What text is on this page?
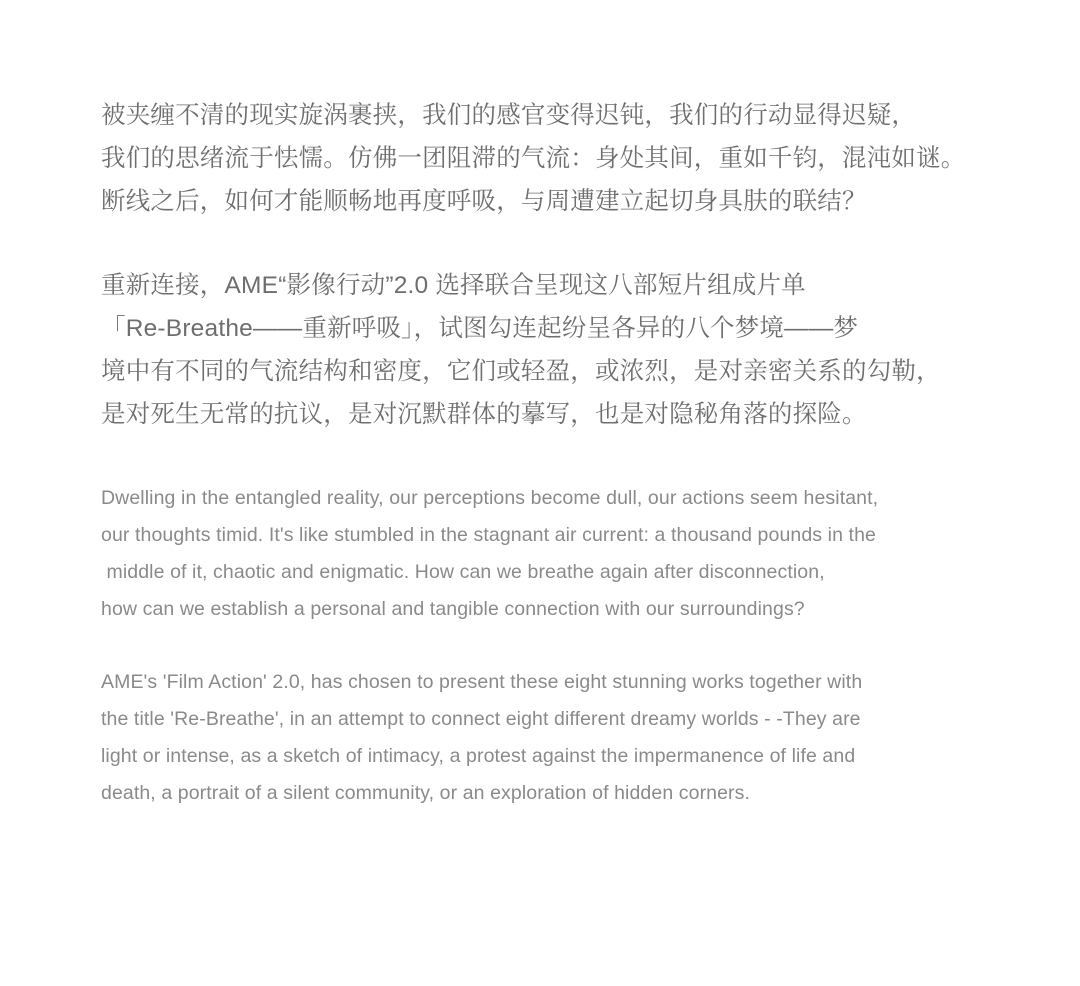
被夹缠不清的现实旋涡裹挟，我们的感官变得迟钝，我们的行动显得迟疑，
我们的思绪流于怯懦。仿佛一团阻滞的气流：身处其间，重如千钧，混沌如谜。
断线之后，如何才能顺畅地再度呼吸，与周遭建立起切身具肤的联结？
重新连接，AME“影像行动”2.0 选择联合呈现这八部短片组成片单
「Re-Breathe——重新呼吸」，试图勾连起纷呈各异的八个梦境——梦
境中有不同的气流结构和密度，它们或轻盈，或浓烈，是对亲密关系的勾勒，
是对死生无常的抗议，是对沉默群体的摹写，也是对隐秘角落的探险。
Dwelling in the entangled reality, our perceptions become dull, our actions seem hesitant,
our thoughts timid. It's like stumbled in the stagnant air current: a thousand pounds in the
middle of it, chaotic and enigmatic. How can we breathe again after disconnection,
how can we establish a personal and tangible connection with our surroundings?
AME's 'Film Action' 2.0, has chosen to present these eight stunning works together with
the title 'Re-Breathe', in an attempt to connect eight different dreamy worlds - -They are
light or intense, as a sketch of intimacy, a protest against the impermanence of life and
death, a portrait of a silent community, or an exploration of hidden corners.
